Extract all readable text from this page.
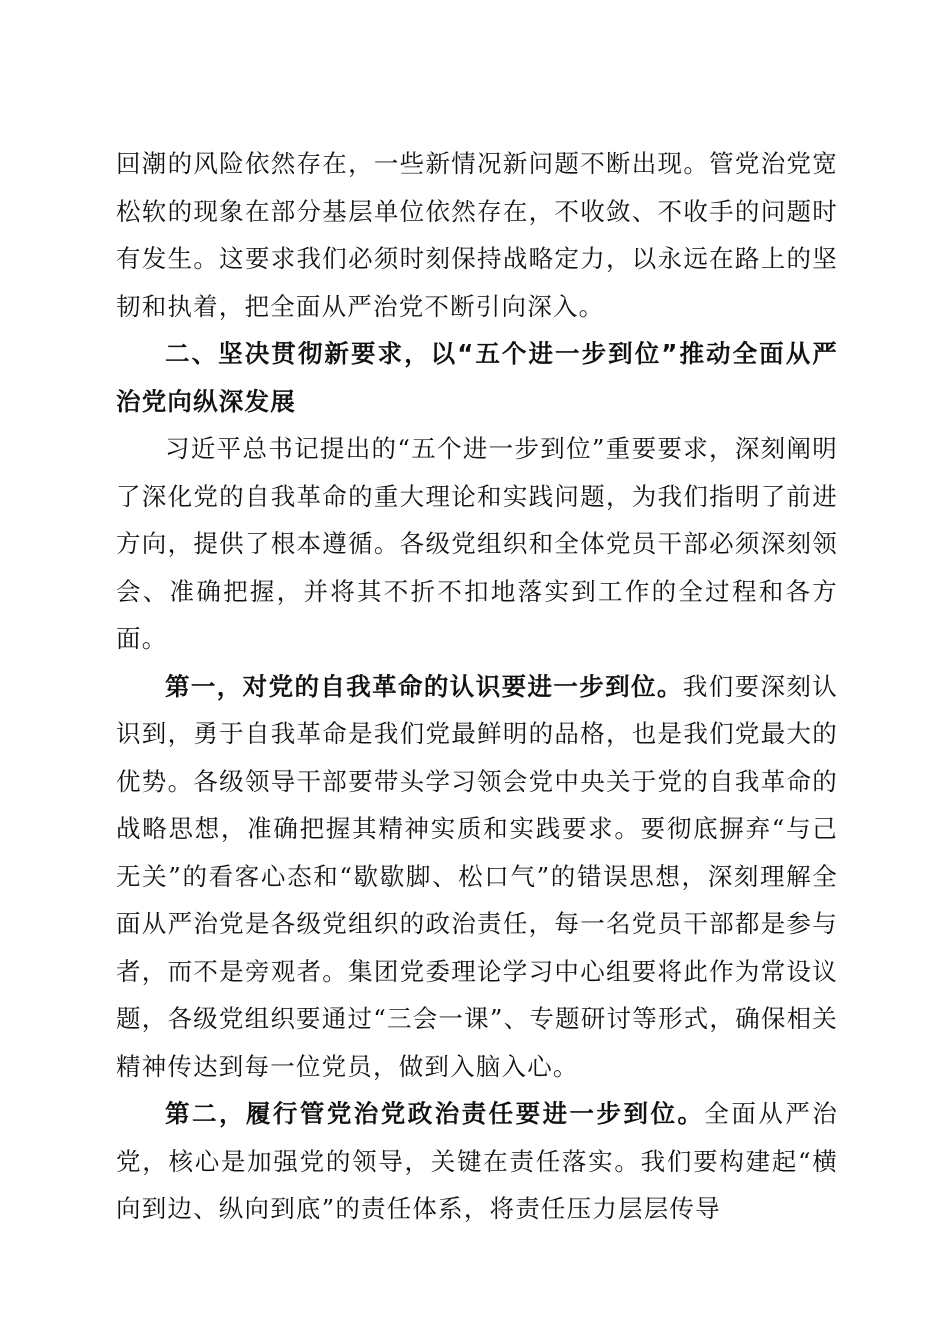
回潮的风险依然存在，一些新情况新问题不断出现。管党治党宽松软的现象在部分基层单位依然存在，不收敛、不收手的问题时有发生。这要求我们必须时刻保持战略定力，以永远在路上的坚韧和执着，把全面从严治党不断引向深入。

二、坚决贯彻新要求，以“五个进一步到位”推动全面从严治党向纵深发展

习近平总书记提出的“五个进一步到位”重要要求，深刻阐明了深化党的自我革命的重大理论和实践问题，为我们指明了前进方向，提供了根本遵循。各级党组织和全体党员干部必须深刻领会、准确把握，并将其不折不扣地落实到工作的全过程和各方面。

第一，对党的自我革命的认识要进一步到位。我们要深刻认识到，勇于自我革命是我们党最鲜明的品格，也是我们党最大的优势。各级领导干部要带头学习领会党中央关于党的自我革命的战略思想，准确把握其精神实质和实践要求。要彻底摒弃“与己无关”的看客心态和“歇歇脚、松口气”的错误思想，深刻理解全面从严治党是各级党组织的政治责任，每一名党员干部都是参与者，而不是旁观者。集团党委理论学习中心组要将此作为常设议题，各级党组织要通过“三会一课”、专题研讨等形式，确保相关精神传达到每一位党员，做到入脑入心。

第二，履行管党治党政治责任要进一步到位。全面从严治党，核心是加强党的领导，关键在责任落实。我们要构建起“横向到边、纵向到底”的责任体系，将责任压力层层传导
